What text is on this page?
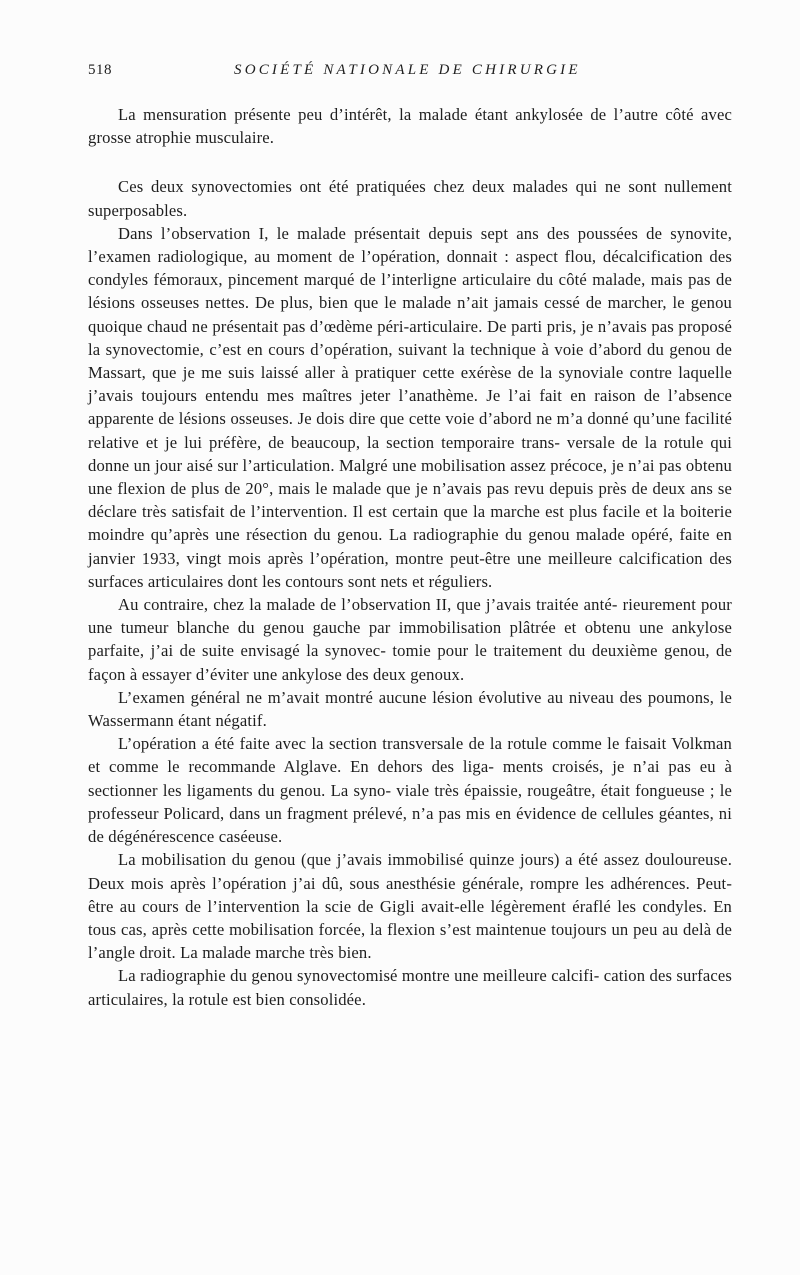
518	SOCIÉTÉ NATIONALE DE CHIRURGIE

La mensuration présente peu d’intérêt, la malade étant ankylosée de l’autre côté avec grosse atrophie musculaire.

Ces deux synovectomies ont été pratiquées chez deux malades qui ne sont nullement superposables.

Dans l’observation I, le malade présentait depuis sept ans des poussées de synovite, l’examen radiologique, au moment de l’opération, donnait : aspect flou, décalcification des condyles fémoraux, pincement marqué de l’interligne articulaire du côté malade, mais pas de lésions osseuses nettes. De plus, bien que le malade n’ait jamais cessé de marcher, le genou quoique chaud ne présentait pas d’œdème péri-articulaire. De parti pris, je n’avais pas proposé la synovectomie, c’est en cours d’opération, suivant la technique à voie d’abord du genou de Massart, que je me suis laissé aller à pratiquer cette exérèse de la synoviale contre laquelle j’avais toujours entendu mes maîtres jeter l’anathème. Je l’ai fait en raison de l’absence apparente de lésions osseuses. Je dois dire que cette voie d’abord ne m’a donné qu’une facilité relative et je lui préfère, de beaucoup, la section temporaire trans- versale de la rotule qui donne un jour aisé sur l’articulation. Malgré une mobilisation assez précoce, je n’ai pas obtenu une flexion de plus de 20°, mais le malade que je n’avais pas revu depuis près de deux ans se déclare très satisfait de l’intervention. Il est certain que la marche est plus facile et la boiterie moindre qu’après une résection du genou. La radiographie du genou malade opéré, faite en janvier 1933, vingt mois après l’opération, montre peut-être une meilleure calcification des surfaces articulaires dont les contours sont nets et réguliers.

Au contraire, chez la malade de l’observation II, que j’avais traitée anté- rieurement pour une tumeur blanche du genou gauche par immobilisation plâtrée et obtenu une ankylose parfaite, j’ai de suite envisagé la synovec- tomie pour le traitement du deuxième genou, de façon à essayer d’éviter une ankylose des deux genoux.

L’examen général ne m’avait montré aucune lésion évolutive au niveau des poumons, le Wassermann étant négatif.

L’opération a été faite avec la section transversale de la rotule comme le faisait Volkman et comme le recommande Alglave. En dehors des liga- ments croisés, je n’ai pas eu à sectionner les ligaments du genou. La syno- viale très épaissie, rougeâtre, était fongueuse ; le professeur Policard, dans un fragment prélevé, n’a pas mis en évidence de cellules géantes, ni de dégénérescence caséeuse.

La mobilisation du genou (que j’avais immobilisé quinze jours) a été assez douloureuse. Deux mois après l’opération j’ai dû, sous anesthésie générale, rompre les adhérences. Peut-être au cours de l’intervention la scie de Gigli avait-elle légèrement éraflé les condyles. En tous cas, après cette mobilisation forcée, la flexion s’est maintenue toujours un peu au delà de l’angle droit. La malade marche très bien.

La radiographie du genou synovectomisé montre une meilleure calcifi- cation des surfaces articulaires, la rotule est bien consolidée.
